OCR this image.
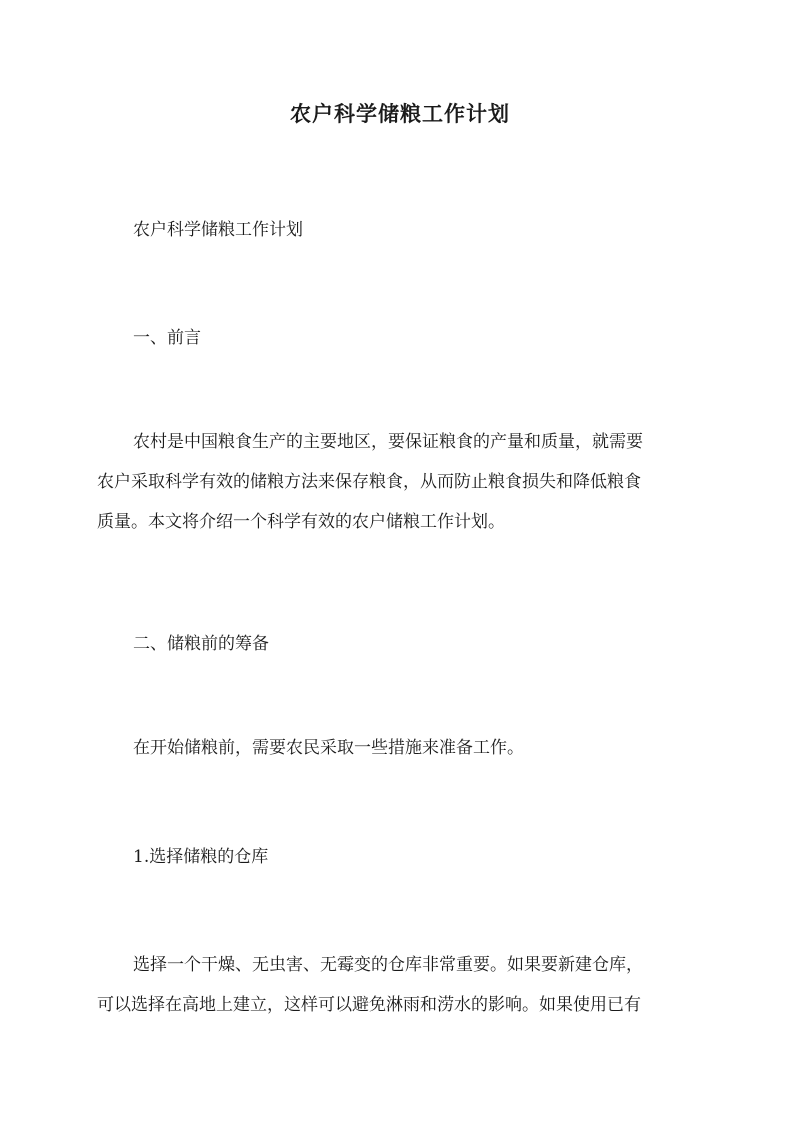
农户科学储粮工作计划

农户科学储粮工作计划

一、前言

农村是中国粮食生产的主要地区，要保证粮食的产量和质量，就需要
农户采取科学有效的储粮方法来保存粮食，从而防止粮食损失和降低粮食
质量。本文将介绍一个科学有效的农户储粮工作计划。

二、储粮前的筹备

在开始储粮前，需要农民采取一些措施来准备工作。

1.选择储粮的仓库

选择一个干燥、无虫害、无霉变的仓库非常重要。如果要新建仓库，
可以选择在高地上建立，这样可以避免淋雨和涝水的影响。如果使用已有
